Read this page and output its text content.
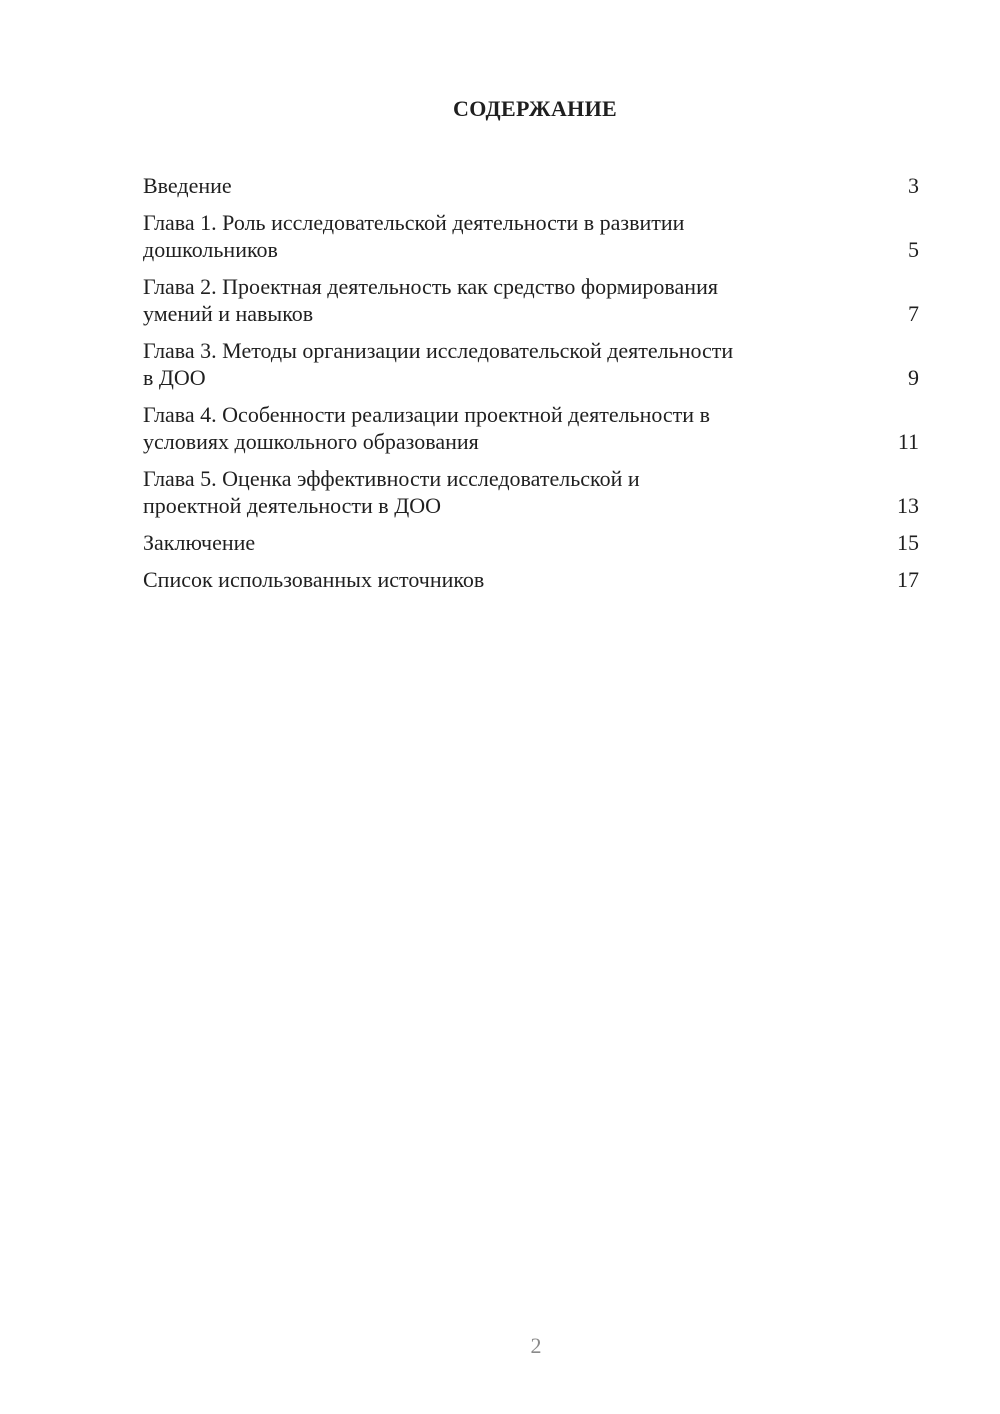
СОДЕРЖАНИЕ
Введение	3
Глава 1. Роль исследовательской деятельности в развитии
дошкольников	5
Глава 2. Проектная деятельность как средство формирования
умений и навыков	7
Глава 3. Методы организации исследовательской деятельности
в ДОО	9
Глава 4. Особенности реализации проектной деятельности в
условиях дошкольного образования	11
Глава 5. Оценка эффективности исследовательской и
проектной деятельности в ДОО	13
Заключение	15
Список использованных источников	17
2
